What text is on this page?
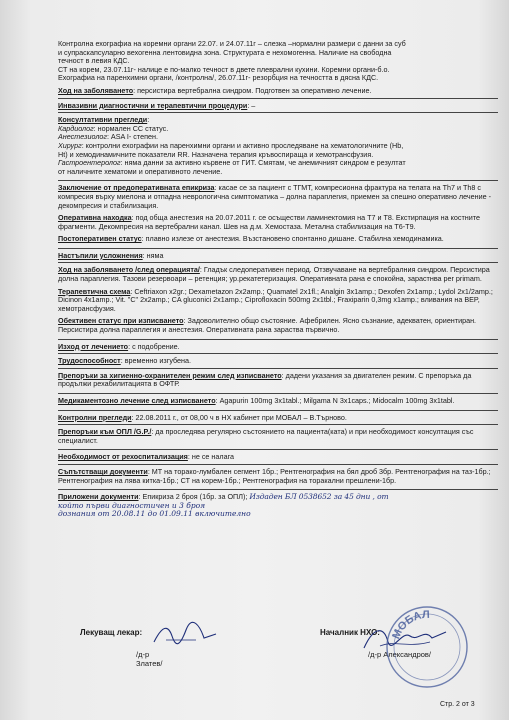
Контролна ехографиа на коремни органи 22.07. и 24.07.11г – слезка –нормални размери с данни за суб
и супраскапсуларно вехогенна лентовидна зона. Структурата е нехомогенна. Наличие на свободна
течност в левия КДС.
СТ на корем, 23.07.11г- налице е по-малко течност в двете плеврални кухини. Коремни органи-б.о.
Ехографиа на паренхимни органи, /контролна/, 26.07.11г- резорбция на течността в дясна КДС.
Ход на заболяването: персистира вертебрална синдром. Подготвен за оперативно лечение.
Инвазивни диагностични и терапевтични процедури: –
Консултативни прегледи:
Кардиолог: нормален СС статус.
Анестезиолог: ASA I- степен.
Хирург: контролни ехографии на паренхимни органи и активно проследяване на хематологичните (Hb,
Ht) и хемодинамичните показатели RR. Назначена терапия кръвоспираща и хемотрансфузия.
Гастроентеролог: няма данни за активно кървене от ГИТ. Смятам, че анемичният синдром е резултат
от наличните хематоми и оперативното лечение.
Заключение от предоперативната епикриза: касае се за пациент с ТГМТ, компресионна фрактура на телата на Th7 и Th8 с компресия върху миелона и отпадна неврологична симптоматика – долна параплегия, приемен за спешно оперативно лечение - декомпресия и стабилизация.
Оперативна находка: под обща анестезия на 20.07.2011 г. се осъществи ламинектомия на Т7 и Т8. Екстирпация на костните фрагменти. Декомпресия на вертебрални канал. Шев на д.м. Хемостаза. Метална стабилизация на Т6-Т9.
Постоперативен статус: плавно излезе от анестезия. Възстановено спонтанно дишане. Стабилна хемодинамика.
Настъпили усложнения: няма
Ход на заболяването /след операцията/: Гладък следоперативен период. Отзвучаване на вертебралния синдром. Персистира долна параплегия. Тазови резервоари – ретенция; ур.рекатетеризация. Оперативната рана е спокойна, зарастнва per primam.
Терапевтична схема: Ceftriaxon x2gr.; Dexametazon 2x2amp.; Quamatel 2x1fl.; Analgin 3x1amp.; Dexofen 2x1amp.; Lydol 2x1/2amp.; Dicinon 4x1amp.; Vit. "C" 2x2amp.; CA gluconici 2x1amp.; Ciprofloxacin 500mg 2x1tbl.; Fraxiparin 0,3mg x1amp.; вливания на BEP, хемотрансфузия.
Обективен статус при изписването: Задоволително общо състояние. Афебрилен. Ясно съзнание, адекватен, ориентиран. Персистира долна параплегия и анестезия. Оперативната рана зараства първично.
Изход от лечението: с подобрение.
Трудоспособност: временно изгубена.
Препоръки за хигиенно-охранителен режим след изписването: дадени указания за двигателен режим. С препоръка да продължи рехабилитацията в ОФТР.
Медикаментозно лечение след изписването: Agapurin 100mg 3x1tabl.; Milgama N 3x1caps.; Midocalm 100mg 3x1tabl.
Контролни прегледи: 22.08.2011 г., от 08,00 ч в НХ кабинет при МОБАЛ – В.Търново.
Препоръки към ОПЛ /G.P./: да проследява регулярно състоянието на пациента(ката) и при необходимост консултация със специалист.
Необходимост от рехоспитализация: не се налага
Съпътстващи документи: МТ на торако-лумбален сегмент 1бр.; Рентгенография на бял дроб 3бр. Рентгенография на таз-1бр.; Рентгенография на лява китка-1бр.; СТ на корем-1бр.; Рентгенография на торакални прешлени-1бр.
Приложени документи: Епикриза 2 броя (1бр. за ОПЛ); Издаден БЛ 0538652 за 45 дни , от
който първи диагностичен и 3 броя
дознания от 20.08.11 до 01.09.11 включително
Лекуващ лекар:
/д-р Златев/
Началник НХО:
/д-р Александров/
МОБАЛ
Стр. 2 от 3
